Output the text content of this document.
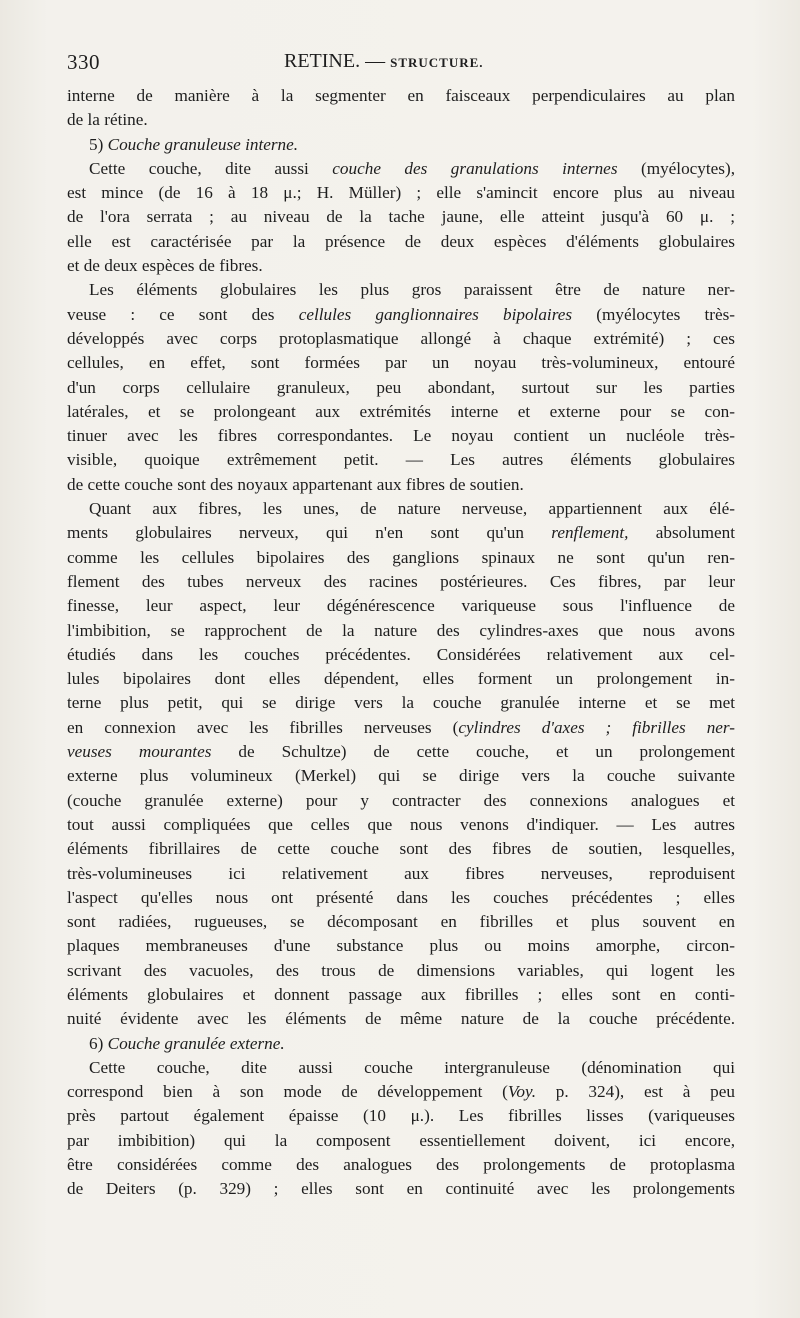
330	RETINE. — STRUCTURE.
interne de manière à la segmenter en faisceaux perpendiculaires au plan
de la rétine.
5) Couche granuleuse interne.
Cette couche, dite aussi couche des granulations internes (myélocytes),
est mince (de 16 à 18 μ.; H. Müller) ; elle s'amincit encore plus au niveau
de l'ora serrata ; au niveau de la tache jaune, elle atteint jusqu'à 60 μ. ;
elle est caractérisée par la présence de deux espèces d'éléments globulaires
et de deux espèces de fibres.
Les éléments globulaires les plus gros paraissent être de nature ner-
veuse : ce sont des cellules ganglionnaires bipolaires (myélocytes très-
développés avec corps protoplasmatique allongé à chaque extrémité) ; ces
cellules, en effet, sont formées par un noyau très-volumineux, entouré
d'un corps cellulaire granuleux, peu abondant, surtout sur les parties
latérales, et se prolongeant aux extrémités interne et externe pour se con-
tinuer avec les fibres correspondantes. Le noyau contient un nucléole très-
visible, quoique extrêmement petit. — Les autres éléments globulaires
de cette couche sont des noyaux appartenant aux fibres de soutien.
Quant aux fibres, les unes, de nature nerveuse, appartiennent aux élé-
ments globulaires nerveux, qui n'en sont qu'un renflement, absolument
comme les cellules bipolaires des ganglions spinaux ne sont qu'un ren-
flement des tubes nerveux des racines postérieures. Ces fibres, par leur
finesse, leur aspect, leur dégénérescence variqueuse sous l'influence de
l'imbibition, se rapprochent de la nature des cylindres-axes que nous avons
étudiés dans les couches précédentes. Considérées relativement aux cel-
lules bipolaires dont elles dépendent, elles forment un prolongement in-
terne plus petit, qui se dirige vers la couche granulée interne et se met
en connexion avec les fibrilles nerveuses (cylindres d'axes ; fibrilles ner-
veuses mourantes de Schultze) de cette couche, et un prolongement
externe plus volumineux (Merkel) qui se dirige vers la couche suivante
(couche granulée externe) pour y contracter des connexions analogues et
tout aussi compliquées que celles que nous venons d'indiquer. — Les autres
éléments fibrillaires de cette couche sont des fibres de soutien, lesquelles,
très-volumineuses ici relativement aux fibres nerveuses, reproduisent
l'aspect qu'elles nous ont présenté dans les couches précédentes ; elles
sont radiées, rugueuses, se décomposant en fibrilles et plus souvent en
plaques membraneuses d'une substance plus ou moins amorphe, circon-
scrivant des vacuoles, des trous de dimensions variables, qui logent les
éléments globulaires et donnent passage aux fibrilles ; elles sont en conti-
nuité évidente avec les éléments de même nature de la couche précédente.
6) Couche granulée externe.
Cette couche, dite aussi couche intergranuleuse (dénomination qui
correspond bien à son mode de développement (Voy. p. 324), est à peu
près partout également épaisse (10 μ.). Les fibrilles lisses (variqueuses
par imbibition) qui la composent essentiellement doivent, ici encore,
être considérées comme des analogues des prolongements de protoplasma
de Deiters (p. 329) ; elles sont en continuité avec les prolongements
